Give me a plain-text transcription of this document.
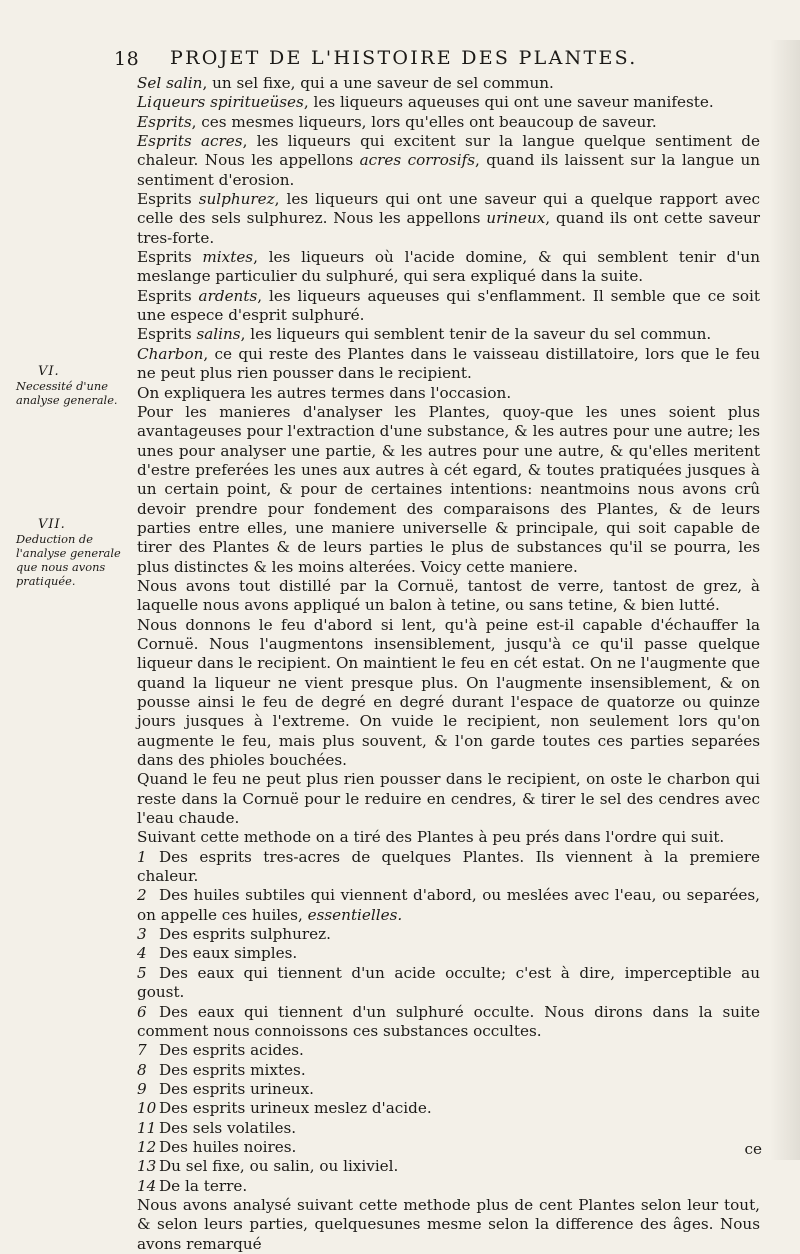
18 PROJET DE L'HISTOIRE DES PLANTES.
VI.
Necessité d'une analyse generale.
VII.
Deduction de l'analyse generale que nous avons pratiquée.

Sel salin, un sel fixe, qui a une saveur de sel commun.

Liqueurs spiritueüses, les liqueurs aqueuses qui ont une saveur manifeste.

Esprits, ces mesmes liqueurs, lors qu'elles ont beaucoup de saveur.

Esprits acres, les liqueurs qui excitent sur la langue quelque sentiment de chaleur. Nous les appellons acres corrosifs, quand ils laissent sur la langue un sentiment d'erosion.

Esprits sulphurez, les liqueurs qui ont une saveur qui a quelque rapport avec celle des sels sulphurez. Nous les appellons urineux, quand ils ont cette saveur tres-forte.

Esprits mixtes, les liqueurs où l'acide domine, & qui semblent tenir d'un meslange particulier du sulphuré, qui sera expliqué dans la suite.

Esprits ardents, les liqueurs aqueuses qui s'enflamment. Il semble que ce soit une espece d'esprit sulphuré.

Esprits salins, les liqueurs qui semblent tenir de la saveur du sel commun.

Charbon, ce qui reste des Plantes dans le vaisseau distillatoire, lors que le feu ne peut plus rien pousser dans le recipient.

On expliquera les autres termes dans l'occasion.

Pour les manieres d'analyser les Plantes, quoy-que les unes soient plus avantageuses pour l'extraction d'une substance, & les autres pour une autre; les unes pour analyser une partie, & les autres pour une autre, & qu'elles meritent d'estre preferées les unes aux autres à cét egard, & toutes pratiquées jusques à un certain point, & pour de certaines intentions: neantmoins nous avons crû devoir prendre pour fondement des comparaisons des Plantes, & de leurs parties entre elles, une maniere universelle & principale, qui soit capable de tirer des Plantes & de leurs parties le plus de substances qu'il se pourra, les plus distinctes & les moins alterées. Voicy cette maniere.

Nous avons tout distillé par la Cornuë, tantost de verre, tantost de grez, à laquelle nous avons appliqué un balon à tetine, ou sans tetine, & bien lutté.

Nous donnons le feu d'abord si lent, qu'à peine est-il capable d'échauffer la Cornuë. Nous l'augmentons insensiblement, jusqu'à ce qu'il passe quelque liqueur dans le recipient. On maintient le feu en cét estat. On ne l'augmente que quand la liqueur ne vient presque plus. On l'augmente insensiblement, & on pousse ainsi le feu de degré en degré durant l'espace de quatorze ou quinze jours jusques à l'extreme. On vuide le recipient, non seulement lors qu'on augmente le feu, mais plus souvent, & l'on garde toutes ces parties separées dans des phioles bouchées.

Quand le feu ne peut plus rien pousser dans le recipient, on oste le charbon qui reste dans la Cornuë pour le reduire en cendres, & tirer le sel des cendres avec l'eau chaude.

Suivant cette methode on a tiré des Plantes à peu prés dans l'ordre qui suit.

1 Des esprits tres-acres de quelques Plantes. Ils viennent à la premiere chaleur.

2 Des huiles subtiles qui viennent d'abord, ou meslées avec l'eau, ou separées, on appelle ces huiles, essentielles.

3 Des esprits sulphurez.

4 Des eaux simples.

5 Des eaux qui tiennent d'un acide occulte; c'est à dire, imperceptible au goust.

6 Des eaux qui tiennent d'un sulphuré occulte. Nous dirons dans la suite comment nous connoissons ces substances occultes.

7 Des esprits acides.

8 Des esprits mixtes.

9 Des esprits urineux.

10 Des esprits urineux meslez d'acide.

11 Des sels volatiles.

12 Des huiles noires.

13 Du sel fixe, ou salin, ou lixiviel.

14 De la terre.

Nous avons analysé suivant cette methode plus de cent Plantes selon leur tout, & selon leurs parties, quelquesunes mesme selon la difference des âges. Nous avons remarqué

ce
